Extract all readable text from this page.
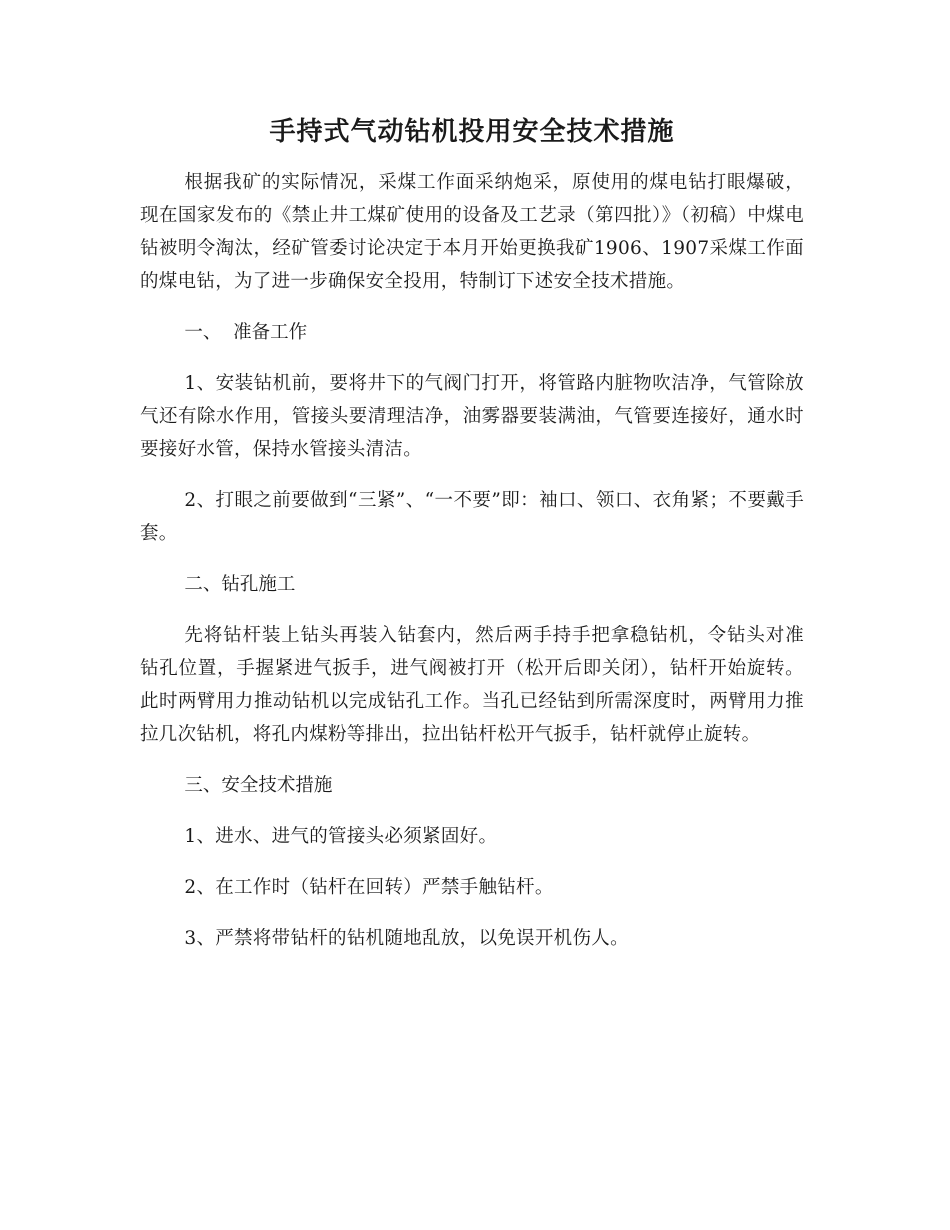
手持式气动钻机投用安全技术措施

根据我矿的实际情况，采煤工作面采纳炮采，原使用的煤电钻打眼爆破，现在国家发布的《禁止井工煤矿使用的设备及工艺录（第四批）》（初稿）中煤电钻被明令淘汰，经矿管委讨论决定于本月开始更换我矿1906、1907采煤工作面的煤电钻，为了进一步确保安全投用，特制订下述安全技术措施。

一、  准备工作

1、安装钻机前，要将井下的气阀门打开，将管路内脏物吹洁净，气管除放气还有除水作用，管接头要清理洁净，油雾器要装满油，气管要连接好，通水时要接好水管，保持水管接头清洁。

2、打眼之前要做到“三紧”、“一不要”即：袖口、领口、衣角紧；不要戴手套。

二、钻孔施工

先将钻杆装上钻头再装入钻套内，然后两手持手把拿稳钻机，令钻头对准钻孔位置，手握紧进气扳手，进气阀被打开（松开后即关闭），钻杆开始旋转。此时两臂用力推动钻机以完成钻孔工作。当孔已经钻到所需深度时，两臂用力推拉几次钻机，将孔内煤粉等排出，拉出钻杆松开气扳手，钻杆就停止旋转。

三、安全技术措施

1、进水、进气的管接头必须紧固好。

2、在工作时（钻杆在回转）严禁手触钻杆。

3、严禁将带钻杆的钻机随地乱放，以免误开机伤人。
